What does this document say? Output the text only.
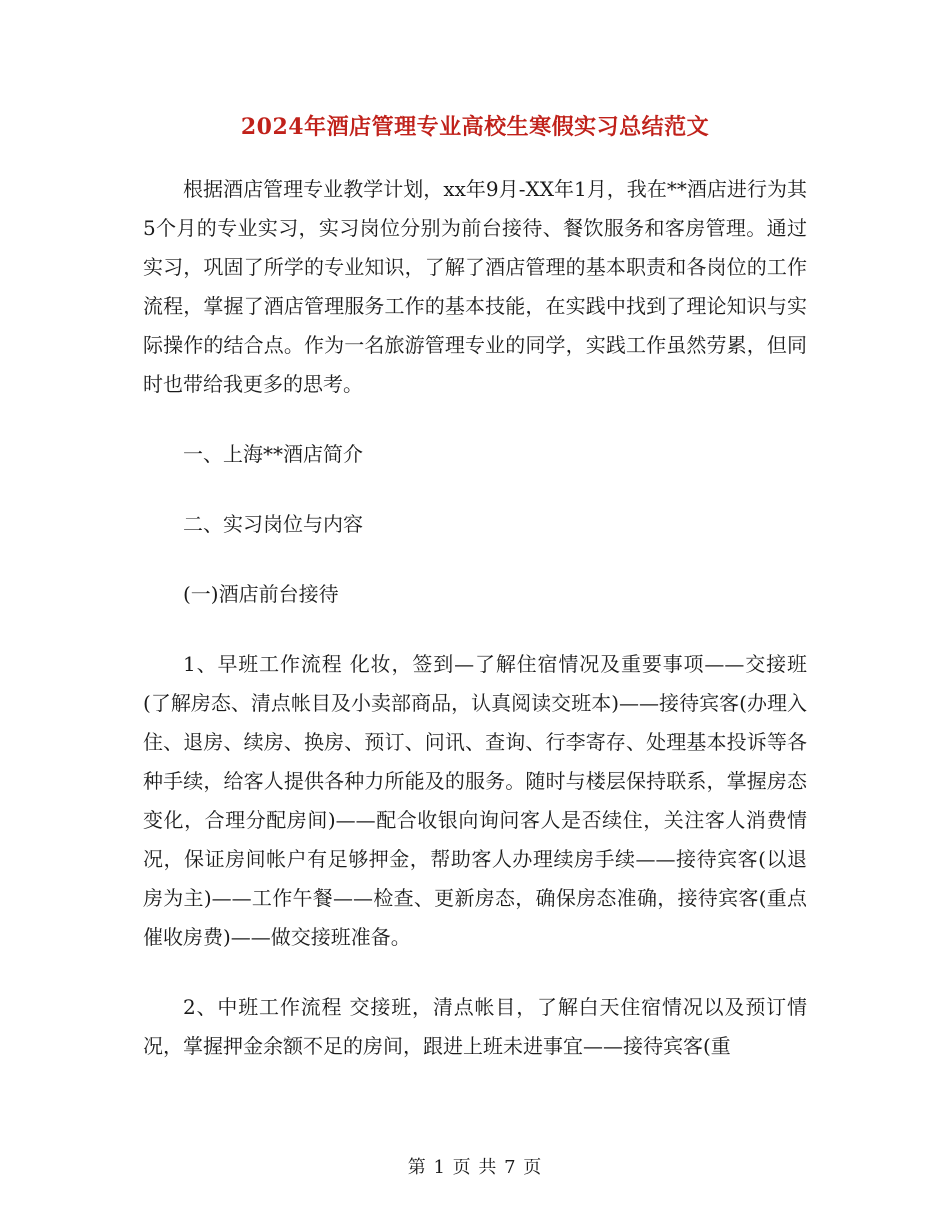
2024年酒店管理专业高校生寒假实习总结范文

根据酒店管理专业教学计划，xx年9月-XX年1月，我在**酒店进行为其5个月的专业实习，实习岗位分别为前台接待、餐饮服务和客房管理。通过实习，巩固了所学的专业知识，了解了酒店管理的基本职责和各岗位的工作流程，掌握了酒店管理服务工作的基本技能，在实践中找到了理论知识与实际操作的结合点。作为一名旅游管理专业的同学，实践工作虽然劳累，但同时也带给我更多的思考。

一、上海**酒店简介

二、实习岗位与内容

(一)酒店前台接待

1、早班工作流程 化妆，签到—了解住宿情况及重要事项——交接班(了解房态、清点帐目及小卖部商品，认真阅读交班本)——接待宾客(办理入住、退房、续房、换房、预订、问讯、查询、行李寄存、处理基本投诉等各种手续，给客人提供各种力所能及的服务。随时与楼层保持联系，掌握房态变化，合理分配房间)——配合收银向询问客人是否续住，关注客人消费情况，保证房间帐户有足够押金，帮助客人办理续房手续——接待宾客(以退房为主)——工作午餐——检查、更新房态，确保房态准确，接待宾客(重点催收房费)——做交接班准备。

2、中班工作流程 交接班，清点帐目，了解白天住宿情况以及预订情况，掌握押金余额不足的房间，跟进上班未进事宜——接待宾客(重

第 1 页 共 7 页
